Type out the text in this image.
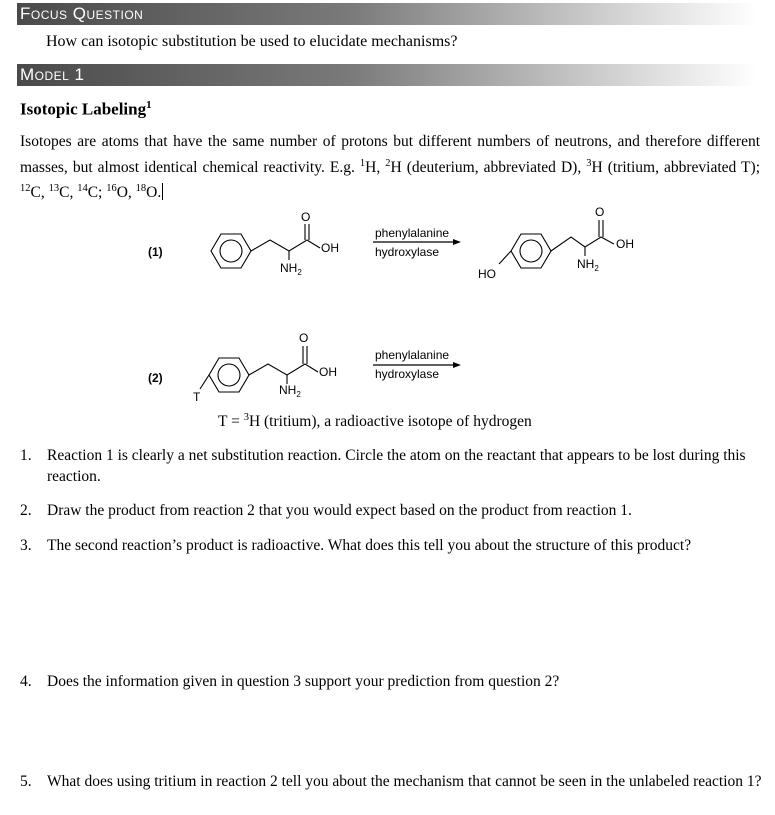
Focus Question
How can isotopic substitution be used to elucidate mechanisms?
Model 1
Isotopic Labeling$^1$
Isotopes are atoms that have the same number of protons but different numbers of neutrons, and therefore different masses, but almost identical chemical reactivity. E.g. $^1$H, $^2$H (deuterium, abbreviated D), $^3$H (tritium, abbreviated T); $^{12}$C, $^{13}$C, $^{14}$C; $^{16}$O, $^{18}$O.
(1)
O
OH
$NH_2$
phenylalanine
hydroxylase
O
OH
$NH_2$
HO
(2)
O
OH
$NH_2$
T
phenylalanine
hydroxylase
T = $^3$H (tritium), a radioactive isotope of hydrogen
1. Reaction 1 is clearly a net substitution reaction. Circle the atom on the reactant that appears to be lost during this reaction.
2. Draw the product from reaction 2 that you would expect based on the product from reaction 1.
3. The second reaction’s product is radioactive. What does this tell you about the structure of this product?
4. Does the information given in question 3 support your prediction from question 2?
5. What does using tritium in reaction 2 tell you about the mechanism that cannot be seen in the unlabeled reaction 1?
